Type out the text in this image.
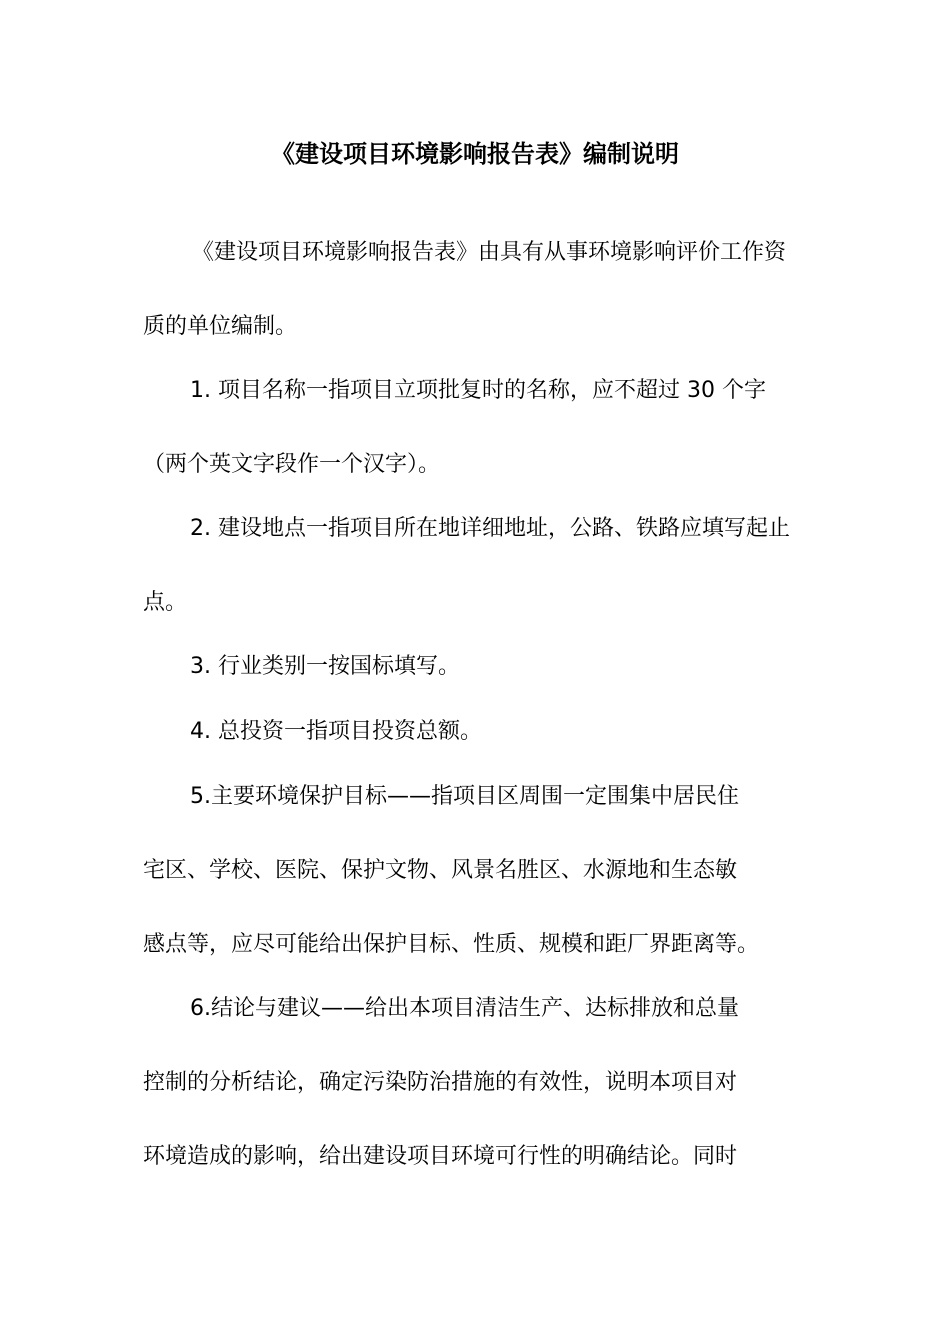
《建设项目环境影响报告表》编制说明
《建设项目环境影响报告表》由具有从事环境影响评价工作资
质的单位编制。
1. 项目名称一指项目立项批复时的名称，应不超过 30 个字
（两个英文字段作一个汉字）。
2. 建设地点一指项目所在地详细地址，公路、铁路应填写起止
点。
3. 行业类别一按国标填写。
4. 总投资一指项目投资总额。
5.主要环境保护目标——指项目区周围一定围集中居民住
宅区、学校、医院、保护文物、风景名胜区、水源地和生态敏
感点等，应尽可能给出保护目标、性质、规模和距厂界距离等。
6.结论与建议——给出本项目清洁生产、达标排放和总量
控制的分析结论，确定污染防治措施的有效性，说明本项目对
环境造成的影响，给出建设项目环境可行性的明确结论。同时
